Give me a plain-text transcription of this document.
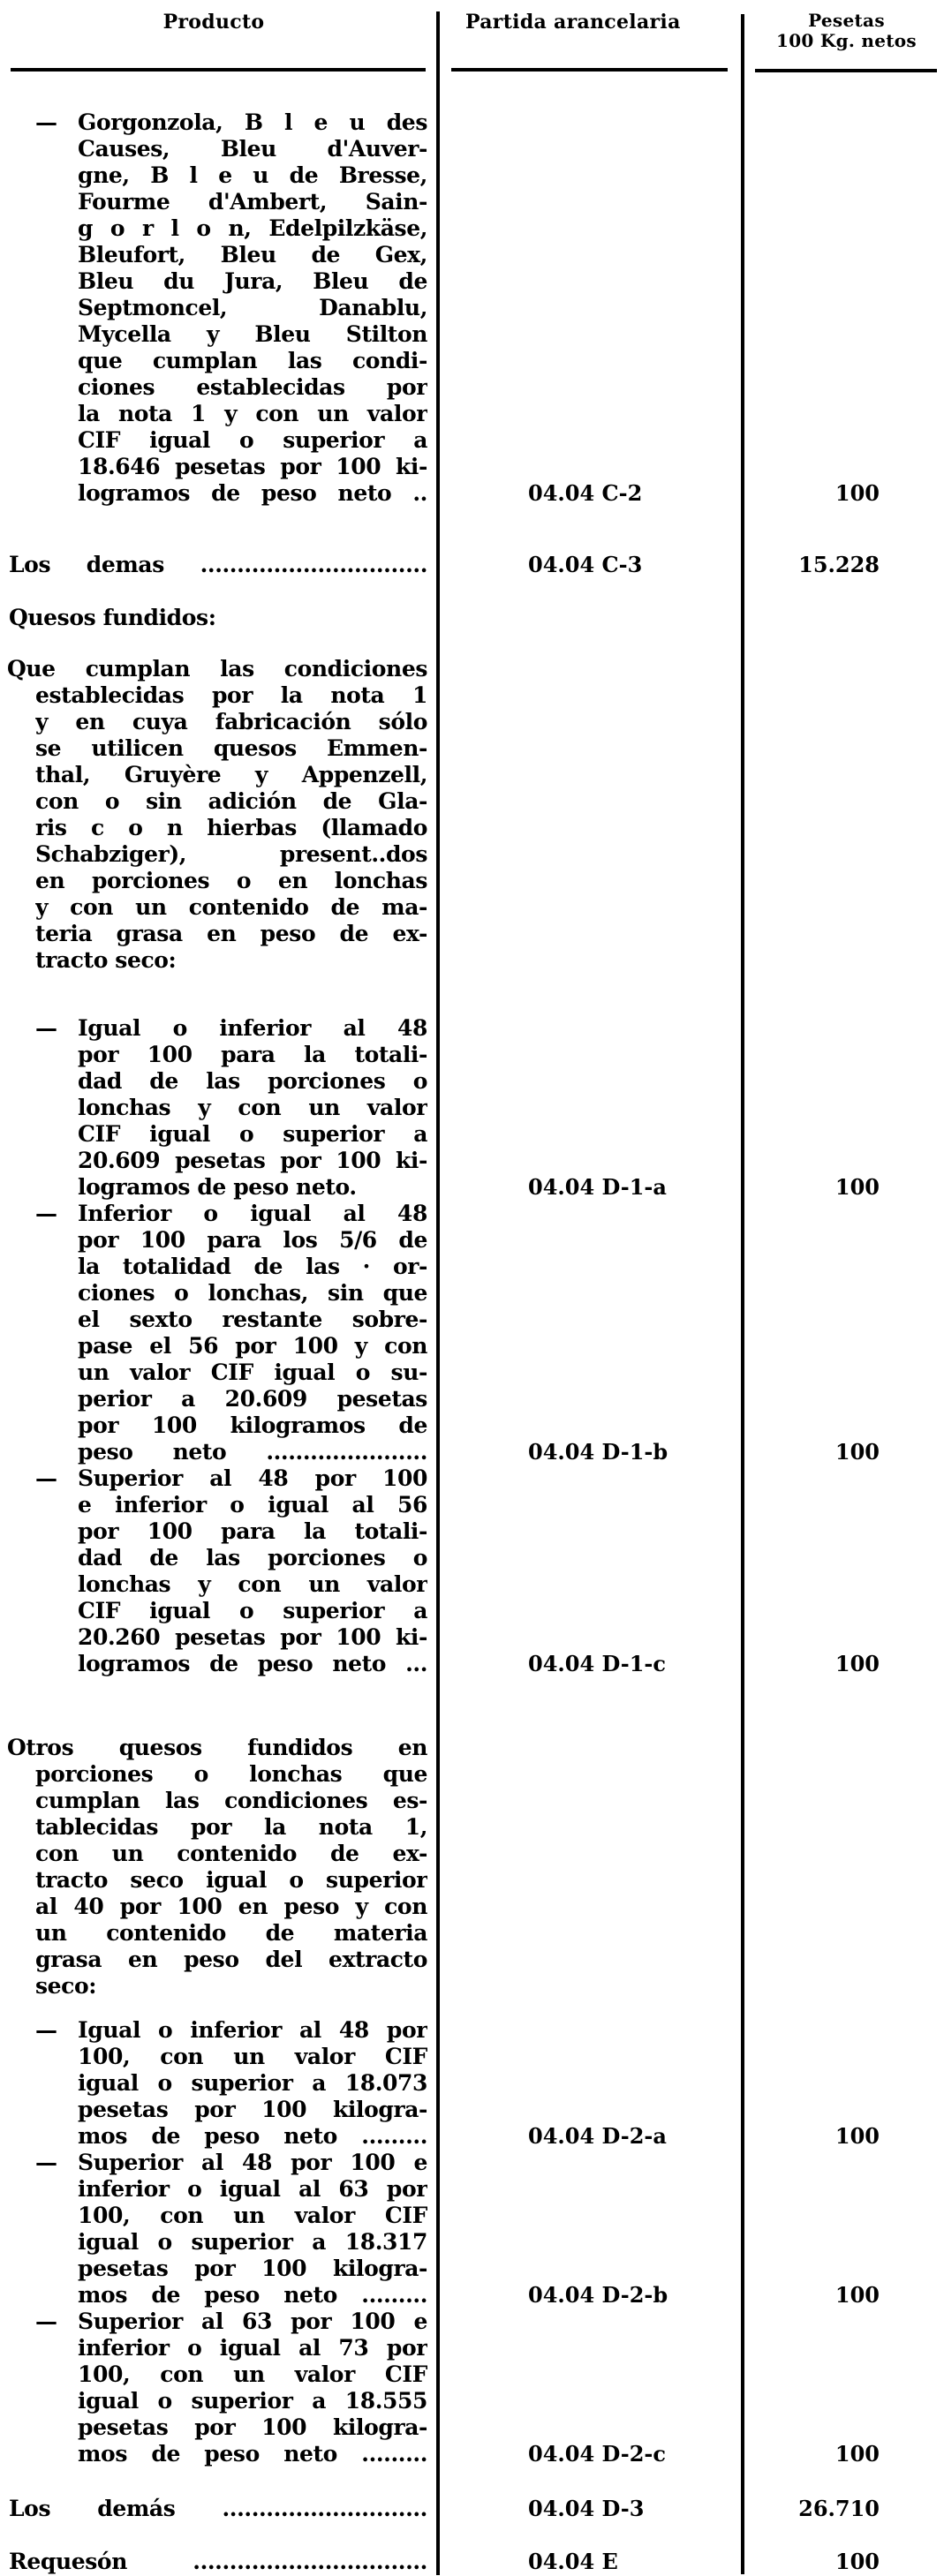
Producto	Partida arancelaria	Pesetas
100 Kg. netos
— Gorgonzola, B l e u des
Causes, Bleu d'Auver-
gne, B l e u de Bresse,
Fourme d'Ambert, Sain-
g o r l o n, Edelpilzkäse,
Bleufort, Bleu de Gex,
Bleu du Jura, Bleu de
Septmoncel, Danablu,
Mycella y Bleu Stilton
que cumplan las condi-
ciones establecidas por
la nota 1 y con un valor
CIF igual o superior a
18.646 pesetas por 100 ki-
logramos de peso neto ..	04.04 C-2	100
Los demas ...............................	04.04 C-3	15.228
Quesos fundidos:
Que cumplan las condiciones
establecidas por la nota 1
y en cuya fabricación sólo
se utilicen quesos Emmen-
thal, Gruyère y Appenzell,
con o sin adición de Gla-
ris c o n hierbas (llamado
Schabziger), present..dos
en porciones o en lonchas
y con un contenido de ma-
teria grasa en peso de ex-
tracto seco:
— Igual o inferior al 48
por 100 para la totali-
dad de las porciones o
lonchas y con un valor
CIF igual o superior a
20.609 pesetas por 100 ki-
logramos de peso neto.	04.04 D-1-a	100
— Inferior o igual al 48
por 100 para los 5/6 de
la totalidad de las · or-
ciones o lonchas, sin que
el sexto restante sobre-
pase el 56 por 100 y con
un valor CIF igual o su-
perior a 20.609 pesetas
por 100 kilogramos de
peso neto ......................	04.04 D-1-b	100
— Superior al 48 por 100
e inferior o igual al 56
por 100 para la totali-
dad de las porciones o
lonchas y con un valor
CIF igual o superior a
20.260 pesetas por 100 ki-
logramos de peso neto ...	04.04 D-1-c	100
Otros quesos fundidos en
porciones o lonchas que
cumplan las condiciones es-
tablecidas por la nota 1,
con un contenido de ex-
tracto seco igual o superior
al 40 por 100 en peso y con
un contenido de materia
grasa en peso del extracto
seco:
— Igual o inferior al 48 por
100, con un valor CIF
igual o superior a 18.073
pesetas por 100 kilogra-
mos de peso neto .........	04.04 D-2-a	100
— Superior al 48 por 100 e
inferior o igual al 63 por
100, con un valor CIF
igual o superior a 18.317
pesetas por 100 kilogra-
mos de peso neto .........	04.04 D-2-b	100
— Superior al 63 por 100 e
inferior o igual al 73 por
100, con un valor CIF
igual o superior a 18.555
pesetas por 100 kilogra-
mos de peso neto .........	04.04 D-2-c	100
Los demás ............................	04.04 D-3	26.710
Requesón ................................	04.04 E	100
